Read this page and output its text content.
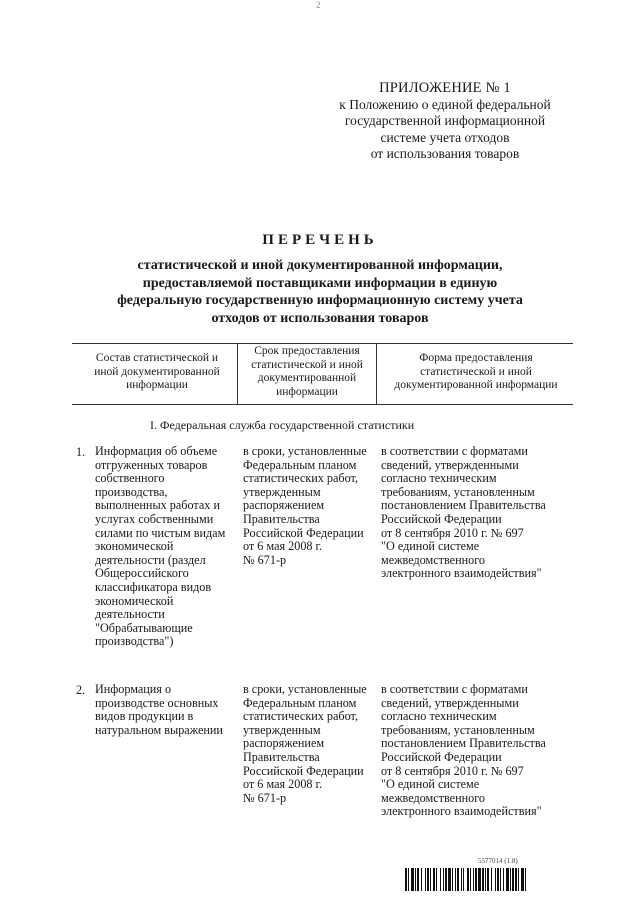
2
ПРИЛОЖЕНИЕ № 1
к Положению о единой федеральной
государственной информационной
системе учета отходов
от использования товаров
ПЕРЕЧЕНЬ
статистической и иной документированной информации,
предоставляемой поставщиками информации в единую
федеральную государственную информационную систему учета
отходов от использования товаров
Состав статистической и
иной документированной
информации
Срок предоставления
статистической и иной
документированной
информации
Форма предоставления
статистической и иной
документированной информации
I. Федеральная служба государственной статистики
1. Информация об объеме
отгруженных товаров
собственного
производства,
выполненных работах и
услугах собственными
силами по чистым видам
экономической
деятельности (раздел
Общероссийского
классификатора видов
экономической
деятельности
"Обрабатывающие
производства")
в сроки, установленные
Федеральным планом
статистических работ,
утвержденным
распоряжением
Правительства
Российской Федерации
от 6 мая 2008 г.
№ 671-р
в соответствии с форматами
сведений, утвержденными
согласно техническим
требованиям, установленным
постановлением Правительства
Российской Федерации
от 8 сентября 2010 г. № 697
"О единой системе
межведомственного
электронного взаимодействия"
2. Информация о
производстве основных
видов продукции в
натуральном выражении
в сроки, установленные
Федеральным планом
статистических работ,
утвержденным
распоряжением
Правительства
Российской Федерации
от 6 мая 2008 г.
№ 671-р
в соответствии с форматами
сведений, утвержденными
согласно техническим
требованиям, установленным
постановлением Правительства
Российской Федерации
от 8 сентября 2010 г. № 697
"О единой системе
межведомственного
электронного взаимодействия"
5577014 (1.8)
